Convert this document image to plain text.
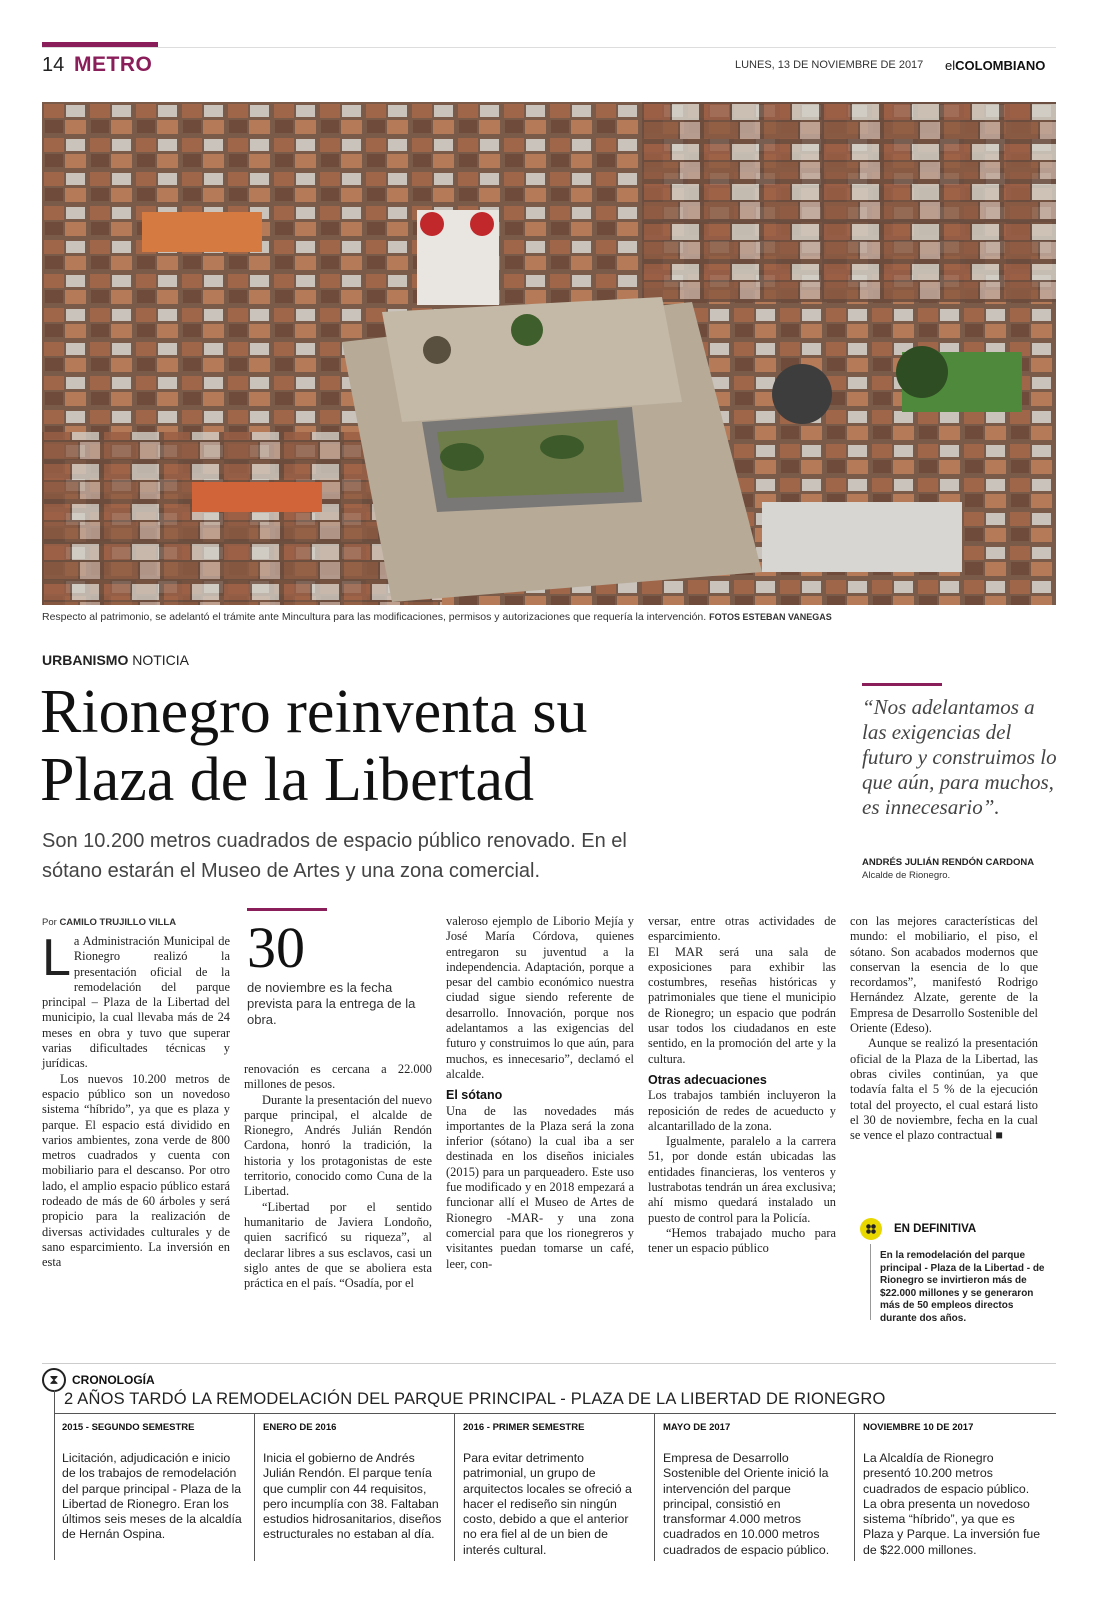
14 METRO	LUNES, 13 DE NOVIEMBRE DE 2017 elCOLOMBIANO
Respecto al patrimonio, se adelantó el trámite ante Mincultura para las modificaciones, permisos y autorizaciones que requería la intervención. FOTOS ESTEBAN VANEGAS
URBANISMO NOTICIA
Rionegro reinventa su
Plaza de la Libertad
Son 10.200 metros cuadrados de espacio público renovado. En el
sótano estarán el Museo de Artes y una zona comercial.
“Nos adelantamos a las exigencias del futuro y construimos lo que aún, para muchos, es innecesario”.
ANDRÉS JULIÁN RENDÓN CARDONA
Alcalde de Rionegro.
Por CAMILO TRUJILLO VILLA

La Administración Municipal de Rionegro realizó la presentación oficial de la remodelación del parque principal – Plaza de la Libertad del municipio, la cual llevaba más de 24 meses en obra y tuvo que superar varias dificultades técnicas y jurídicas.

Los nuevos 10.200 metros de espacio público son un novedoso sistema “híbrido”, ya que es plaza y parque. El espacio está dividido en varios ambientes, zona verde de 800 metros cuadrados y cuenta con mobiliario para el descanso. Por otro lado, el amplio espacio público estará rodeado de más de 60 árboles y será propicio para la realización de diversas actividades culturales y de sano esparcimiento. La inversión en esta

30
de noviembre es la fecha prevista para la entrega de la obra.

renovación es cercana a 22.000 millones de pesos.

Durante la presentación del nuevo parque principal, el alcalde de Rionegro, Andrés Julián Rendón Cardona, honró la tradición, la historia y los protagonistas de este territorio, conocido como Cuna de la Libertad.

“Libertad por el sentido humanitario de Javiera Londoño, quien sacrificó su riqueza”, al declarar libres a sus esclavos, casi un siglo antes de que se aboliera esta práctica en el país. “Osadía, por el

valeroso ejemplo de Liborio Mejía y José María Córdova, quienes entregaron su juventud a la independencia. Adaptación, porque a pesar del cambio económico nuestra ciudad sigue siendo referente de desarrollo. Innovación, porque nos adelantamos a las exigencias del futuro y construimos lo que aún, para muchos, es innecesario”, declamó el alcalde.

El sótano

Una de las novedades más importantes de la Plaza será la zona inferior (sótano) la cual iba a ser destinada en los diseños iniciales (2015) para un parqueadero. Este uso fue modificado y en 2018 empezará a funcionar allí el Museo de Artes de Rionegro -MAR- y una zona comercial para que los rionegreros y visitantes puedan tomarse un café, leer, con-

versar, entre otras actividades de esparcimiento.

El MAR será una sala de exposiciones para exhibir las costumbres, reseñas históricas y patrimoniales que tiene el municipio de Rionegro; un espacio que podrán usar todos los ciudadanos en este sentido, en la promoción del arte y la cultura.

Otras adecuaciones

Los trabajos también incluyeron la reposición de redes de acueducto y alcantarillado de la zona.

Igualmente, paralelo a la carrera 51, por donde están ubicadas las entidades financieras, los venteros y lustrabotas tendrán un área exclusiva; ahí mismo quedará instalado un puesto de control para la Policía.

“Hemos trabajado mucho para tener un espacio público

con las mejores características del mundo: el mobiliario, el piso, el sótano. Son acabados modernos que conservan la esencia de lo que recordamos”, manifestó Rodrigo Hernández Alzate, gerente de la Empresa de Desarrollo Sostenible del Oriente (Edeso).

Aunque se realizó la presentación oficial de la Plaza de la Libertad, las obras civiles continúan, ya que todavía falta el 5 % de la ejecución total del proyecto, el cual estará listo el 30 de noviembre, fecha en la cual se vence el plazo contractual ■

EN DEFINITIVA
En la remodelación del parque principal - Plaza de la Libertad - de Rionegro se invirtieron más de $22.000 millones y se generaron más de 50 empleos directos durante dos años.
⧗	CRONOLOGÍA
2 AÑOS TARDÓ LA REMODELACIÓN DEL PARQUE PRINCIPAL - PLAZA DE LA LIBERTAD DE RIONEGRO
2015 - SEGUNDO SEMESTRE
Licitación, adjudicación e inicio de los trabajos de remodelación del parque principal - Plaza de la Libertad de Rionegro. Eran los últimos seis meses de la alcaldía de Hernán Ospina.
ENERO DE 2016
Inicia el gobierno de Andrés Julián Rendón. El parque tenía que cumplir con 44 requisitos, pero incumplía con 38. Faltaban estudios hidrosanitarios, diseños estructurales no estaban al día.
2016 - PRIMER SEMESTRE
Para evitar detrimento patrimonial, un grupo de arquitectos locales se ofreció a hacer el rediseño sin ningún costo, debido a que el anterior no era fiel al de un bien de interés cultural.
MAYO DE 2017
Empresa de Desarrollo Sostenible del Oriente inició la intervención del parque principal, consistió en transformar 4.000 metros cuadrados en 10.000 metros cuadrados de espacio público.
NOVIEMBRE 10 DE 2017
La Alcaldía de Rionegro presentó 10.200 metros cuadrados de espacio público. La obra presenta un novedoso sistema “híbrido”, ya que es Plaza y Parque. La inversión fue de $22.000 millones.
